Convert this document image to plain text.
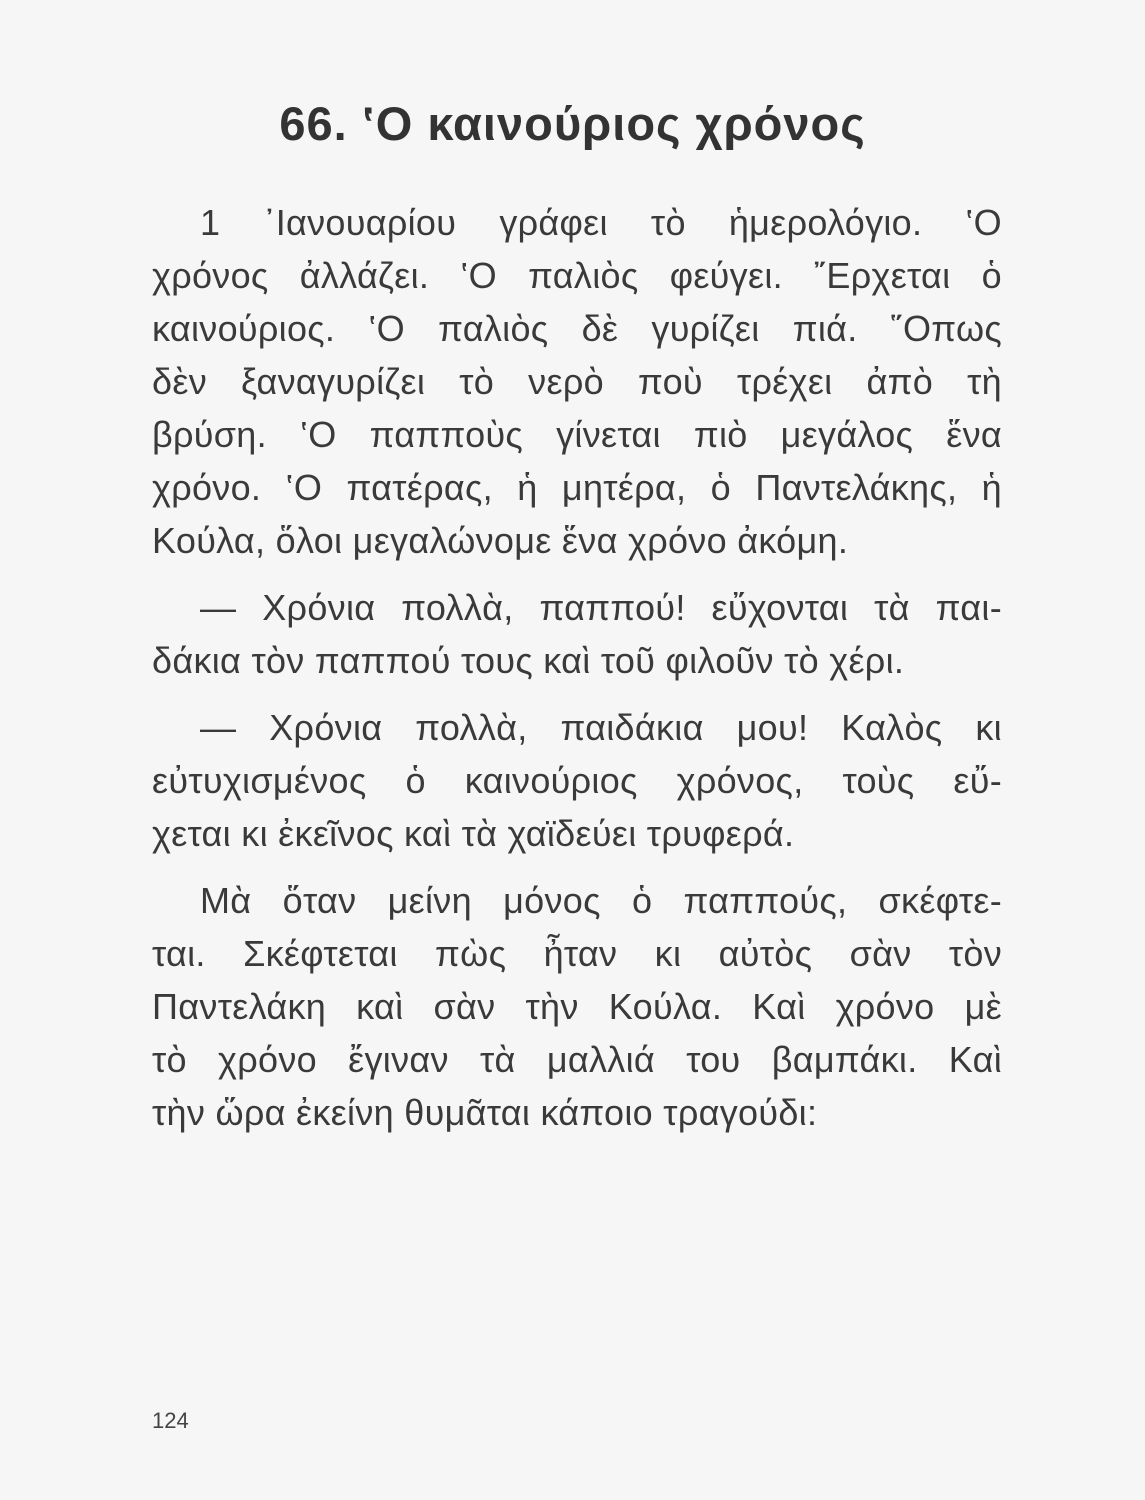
66. ‛Ο καινούριος χρόνος
1 ᾽Ιανουαρίου γράφει τὸ ἡμερολόγιο. ‛Ο
χρόνος ἀλλάζει. ‛Ο παλιὸς φεύγει. ῎Ερχεται ὁ
καινούριος. ‛Ο παλιὸς δὲ γυρίζει πιά. ῞Οπως
δὲν ξαναγυρίζει τὸ νερὸ ποὺ τρέχει ἀπὸ τὴ
βρύση. ‛Ο παπποὺς γίνεται πιὸ μεγάλος ἕνα
χρόνο. ‛Ο πατέρας, ἡ μητέρα, ὁ Παντελάκης, ἡ
Κούλα, ὅλοι μεγαλώνομε ἕνα χρόνο ἀκόμη.
— Χρόνια πολλὰ, παππού! εὔχονται τὰ παι-
δάκια τὸν παππού τους καὶ τοῦ φιλοῦν τὸ χέρι.
— Χρόνια πολλὰ, παιδάκια μου! Καλὸς κι
εὐτυχισμένος ὁ καινούριος χρόνος, τοὺς εὔ-
χεται κι ἐκεῖνος καὶ τὰ χαϊδεύει τρυφερά.
Μὰ ὅταν μείνη μόνος ὁ παππούς, σκέφτε-
ται. Σκέφτεται πὼς ἦταν κι αὐτὸς σὰν τὸν
Παντελάκη καὶ σὰν τὴν Κούλα. Καὶ χρόνο μὲ
τὸ χρόνο ἔγιναν τὰ μαλλιά του βαμπάκι. Καὶ
τὴν ὥρα ἐκείνη θυμᾶται κάποιο τραγούδι:
124
